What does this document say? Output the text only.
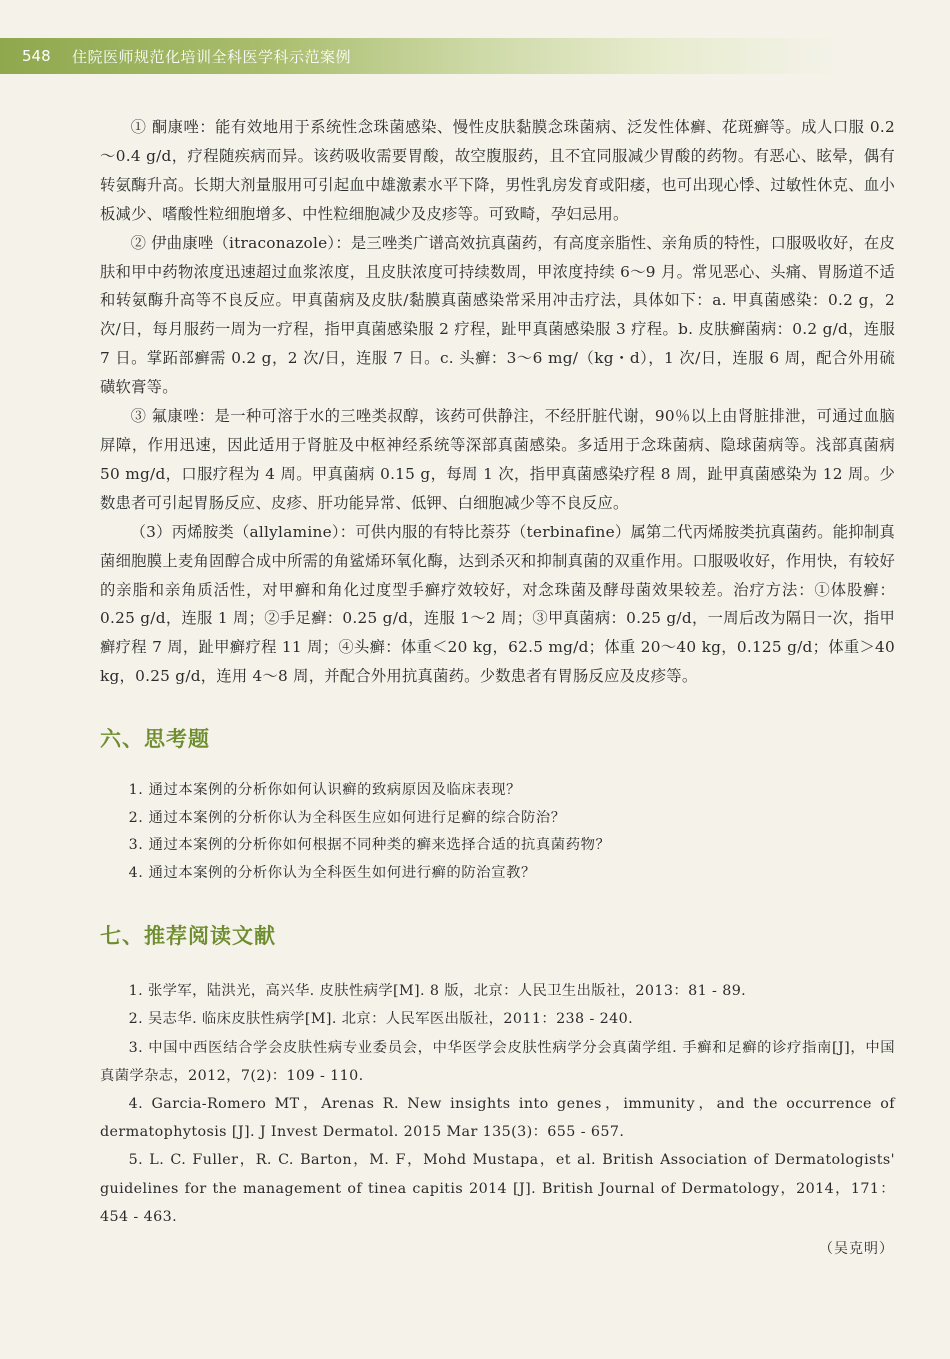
548 住院医师规范化培训全科医学科示范案例

① 酮康唑：能有效地用于系统性念珠菌感染、慢性皮肤黏膜念珠菌病、泛发性体癣、花斑癣等。成人口服 0.2～0.4 g/d，疗程随疾病而异。该药吸收需要胃酸，故空腹服药，且不宜同服减少胃酸的药物。有恶心、眩晕，偶有转氨酶升高。长期大剂量服用可引起血中雄激素水平下降，男性乳房发育或阳痿，也可出现心悸、过敏性休克、血小板减少、嗜酸性粒细胞增多、中性粒细胞减少及皮疹等。可致畸，孕妇忌用。

② 伊曲康唑（itraconazole）：是三唑类广谱高效抗真菌药，有高度亲脂性、亲角质的特性，口服吸收好，在皮肤和甲中药物浓度迅速超过血浆浓度，且皮肤浓度可持续数周，甲浓度持续 6～9 月。常见恶心、头痛、胃肠道不适和转氨酶升高等不良反应。甲真菌病及皮肤/黏膜真菌感染常采用冲击疗法，具体如下：a. 甲真菌感染：0.2 g，2 次/日，每月服药一周为一疗程，指甲真菌感染服 2 疗程，趾甲真菌感染服 3 疗程。b. 皮肤癣菌病：0.2 g/d，连服 7 日。掌跖部癣需 0.2 g，2 次/日，连服 7 日。c. 头癣：3～6 mg/（kg・d），1 次/日，连服 6 周，配合外用硫磺软膏等。

③ 氟康唑：是一种可溶于水的三唑类叔醇，该药可供静注，不经肝脏代谢，90％以上由肾脏排泄，可通过血脑屏障，作用迅速，因此适用于肾脏及中枢神经系统等深部真菌感染。多适用于念珠菌病、隐球菌病等。浅部真菌病 50 mg/d，口服疗程为 4 周。甲真菌病 0.15 g，每周 1 次，指甲真菌感染疗程 8 周，趾甲真菌感染为 12 周。少数患者可引起胃肠反应、皮疹、肝功能异常、低钾、白细胞减少等不良反应。

（3）丙烯胺类（allylamine）：可供内服的有特比萘芬（terbinafine）属第二代丙烯胺类抗真菌药。能抑制真菌细胞膜上麦角固醇合成中所需的角鲨烯环氧化酶，达到杀灭和抑制真菌的双重作用。口服吸收好，作用快，有较好的亲脂和亲角质活性，对甲癣和角化过度型手癣疗效较好，对念珠菌及酵母菌效果较差。治疗方法：①体股癣：0.25 g/d，连服 1 周；②手足癣：0.25 g/d，连服 1～2 周；③甲真菌病：0.25 g/d，一周后改为隔日一次，指甲癣疗程 7 周，趾甲癣疗程 11 周；④头癣：体重＜20 kg，62.5 mg/d；体重 20～40 kg，0.125 g/d；体重＞40 kg，0.25 g/d，连用 4～8 周，并配合外用抗真菌药。少数患者有胃肠反应及皮疹等。

六、思考题
1. 通过本案例的分析你如何认识癣的致病原因及临床表现？
2. 通过本案例的分析你认为全科医生应如何进行足癣的综合防治？
3. 通过本案例的分析你如何根据不同种类的癣来选择合适的抗真菌药物？
4. 通过本案例的分析你认为全科医生如何进行癣的防治宣教？
七、推荐阅读文献

1. 张学军，陆洪光，高兴华. 皮肤性病学[M]. 8 版，北京：人民卫生出版社，2013：81 - 89.

2. 吴志华. 临床皮肤性病学[M]. 北京：人民军医出版社，2011：238 - 240.

3. 中国中西医结合学会皮肤性病专业委员会，中华医学会皮肤性病学分会真菌学组. 手癣和足癣的诊疗指南[J]，中国真菌学杂志，2012，7(2)：109 - 110.

4. Garcia-Romero MT，Arenas R. New insights into genes，immunity，and the occurrence of dermatophytosis [J]. J Invest Dermatol. 2015 Mar 135(3)：655 - 657.

5. L. C. Fuller，R. C. Barton，M. F，Mohd Mustapa，et al. British Association of Dermatologists' guidelines for the management of tinea capitis 2014 [J]. British Journal of Dermatology，2014，171：454 - 463.

（吴克明）
